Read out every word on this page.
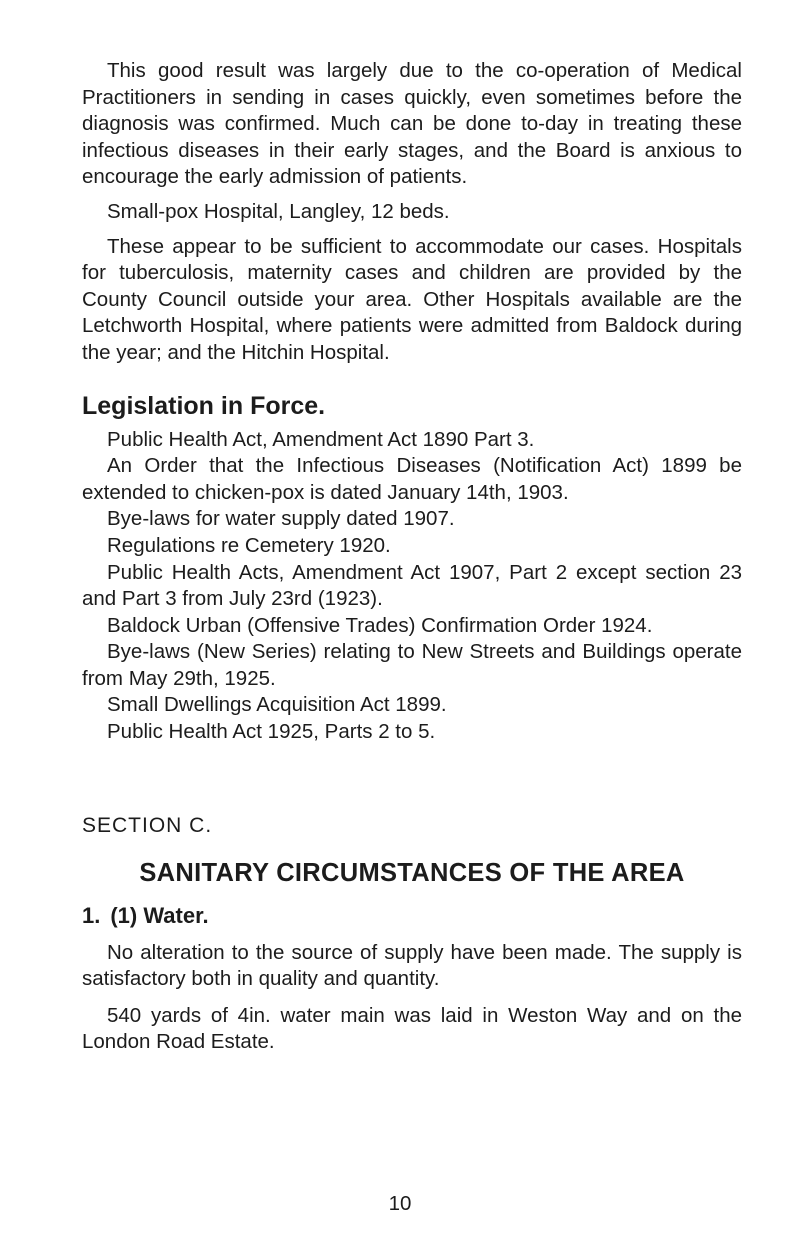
This good result was largely due to the co-operation of Medical Practitioners in sending in cases quickly, even sometimes before the diagnosis was confirmed. Much can be done to-day in treating these infectious diseases in their early stages, and the Board is anxious to encourage the early admission of patients.

Small-pox Hospital, Langley, 12 beds.

These appear to be sufficient to accommodate our cases. Hospitals for tuberculosis, maternity cases and children are provided by the County Council outside your area. Other Hospitals available are the Letchworth Hospital, where patients were admitted from Baldock during the year; and the Hitchin Hospital.

Legislation in Force.

Public Health Act, Amendment Act 1890 Part 3.

An Order that the Infectious Diseases (Notification Act) 1899 be extended to chicken-pox is dated January 14th, 1903.

Bye-laws for water supply dated 1907.

Regulations re Cemetery 1920.

Public Health Acts, Amendment Act 1907, Part 2 except section 23 and Part 3 from July 23rd (1923).

Baldock Urban (Offensive Trades) Confirmation Order 1924.

Bye-laws (New Series) relating to New Streets and Buildings operate from May 29th, 1925.

Small Dwellings Acquisition Act 1899.

Public Health Act 1925, Parts 2 to 5.

SECTION C.
SANITARY CIRCUMSTANCES OF THE AREA
1. (1) Water.

No alteration to the source of supply have been made. The supply is satisfactory both in quality and quantity.

540 yards of 4in. water main was laid in Weston Way and on the London Road Estate.

10
